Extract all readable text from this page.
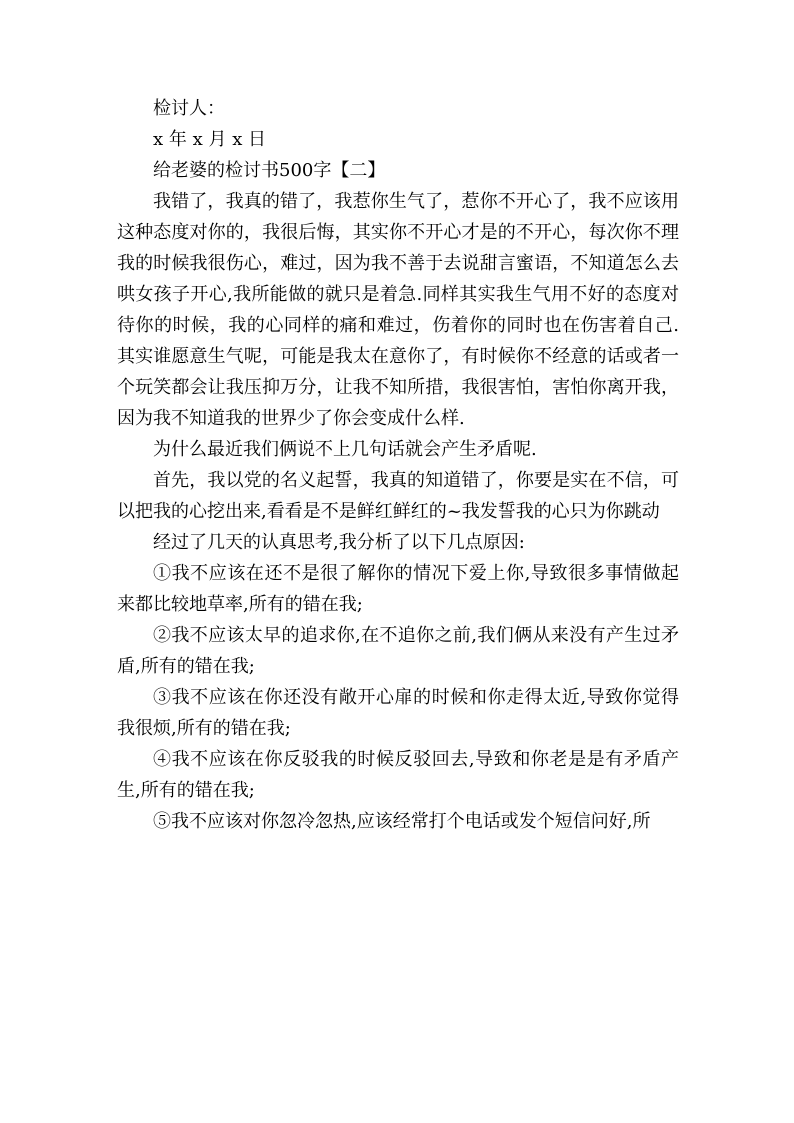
检讨人：

x 年 x 月 x 日

给老婆的检讨书500字【二】

我错了，我真的错了，我惹你生气了，惹你不开心了，我不应该用这种态度对你的，我很后悔，其实你不开心才是的不开心，每次你不理我的时候我很伤心，难过，因为我不善于去说甜言蜜语，不知道怎么去哄女孩子开心,我所能做的就只是着急.同样其实我生气用不好的态度对待你的时候，我的心同样的痛和难过，伤着你的同时也在伤害着自己.其实谁愿意生气呢，可能是我太在意你了，有时候你不经意的话或者一个玩笑都会让我压抑万分，让我不知所措，我很害怕，害怕你离开我，因为我不知道我的世界少了你会变成什么样.

为什么最近我们俩说不上几句话就会产生矛盾呢.

首先，我以党的名义起誓，我真的知道错了，你要是实在不信，可以把我的心挖出来,看看是不是鲜红鲜红的~我发誓我的心只为你跳动

经过了几天的认真思考,我分析了以下几点原因:

①我不应该在还不是很了解你的情况下爱上你,导致很多事情做起来都比较地草率,所有的错在我;

②我不应该太早的追求你,在不追你之前,我们俩从来没有产生过矛盾,所有的错在我;

③我不应该在你还没有敞开心扉的时候和你走得太近,导致你觉得我很烦,所有的错在我;

④我不应该在你反驳我的时候反驳回去,导致和你老是是有矛盾产生,所有的错在我;

⑤我不应该对你忽冷忽热,应该经常打个电话或发个短信问好,所
